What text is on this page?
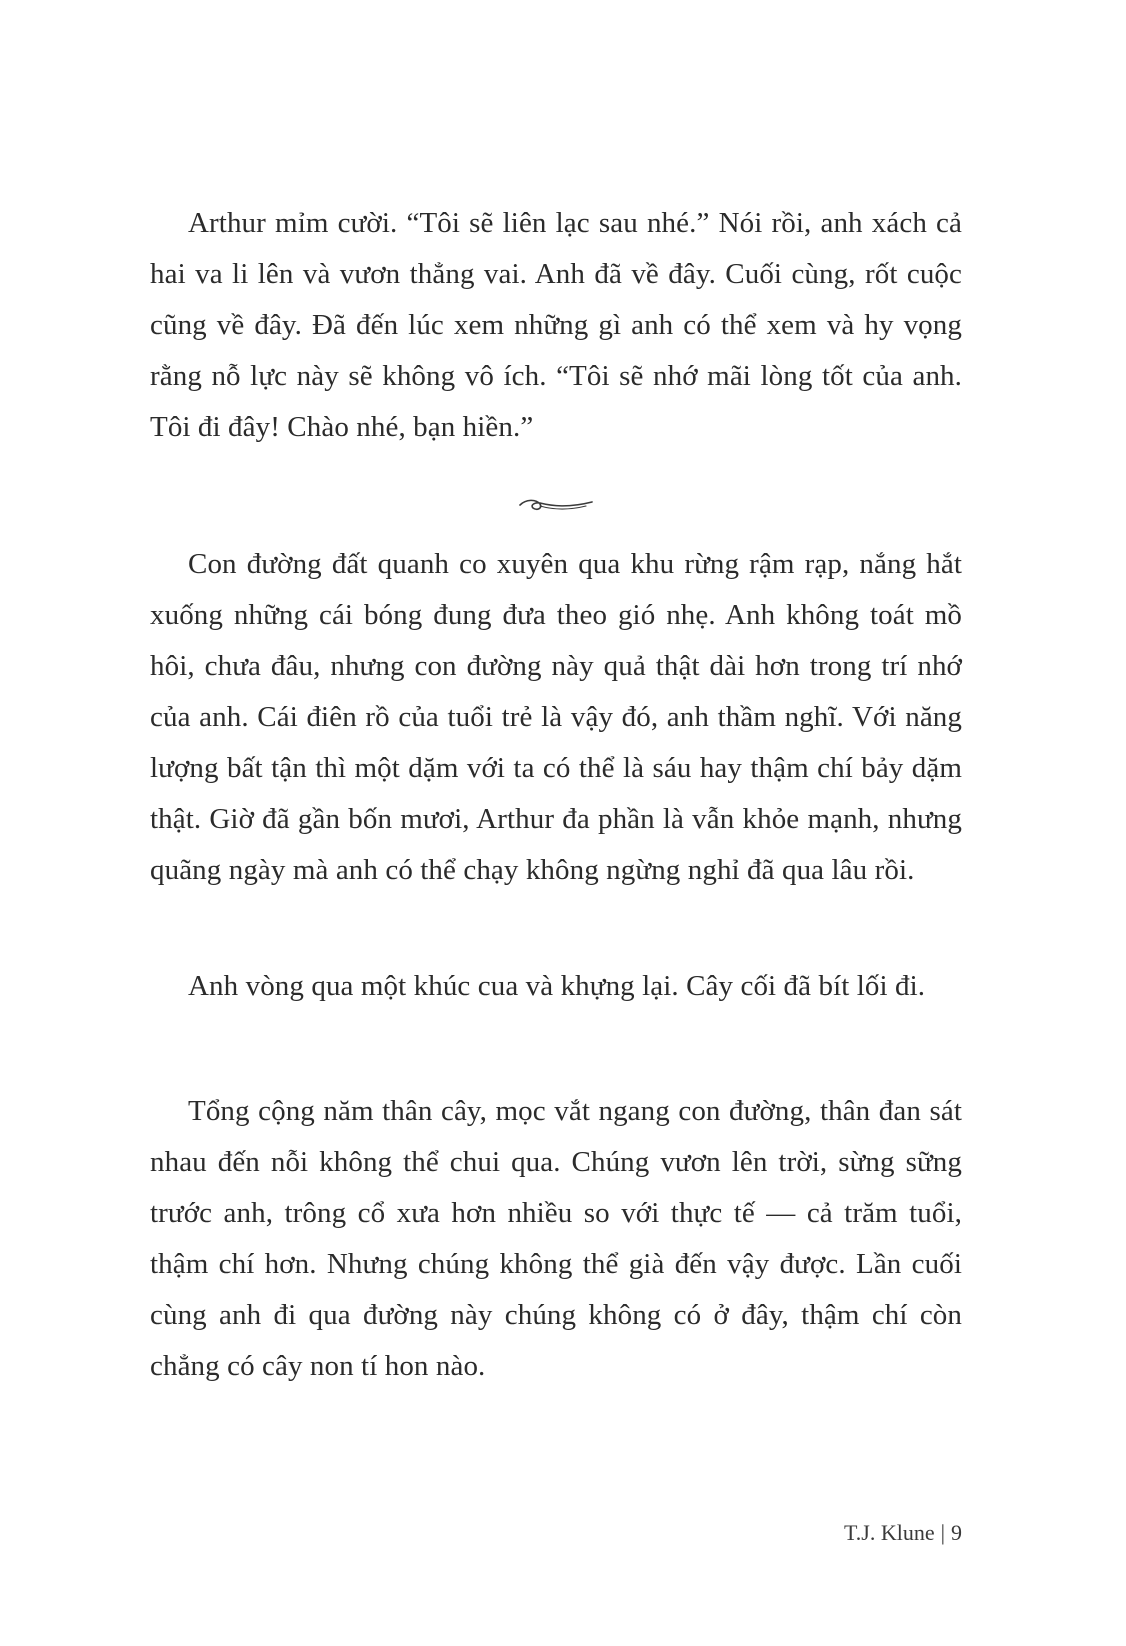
Arthur mỉm cười. “Tôi sẽ liên lạc sau nhé.” Nói rồi, anh xách cả hai va li lên và vươn thẳng vai. Anh đã về đây. Cuối cùng, rốt cuộc cũng về đây. Đã đến lúc xem những gì anh có thể xem và hy vọng rằng nỗ lực này sẽ không vô ích. “Tôi sẽ nhớ mãi lòng tốt của anh. Tôi đi đây! Chào nhé, bạn hiền.”

Con đường đất quanh co xuyên qua khu rừng rậm rạp, nắng hắt xuống những cái bóng đung đưa theo gió nhẹ. Anh không toát mồ hôi, chưa đâu, nhưng con đường này quả thật dài hơn trong trí nhớ của anh. Cái điên rồ của tuổi trẻ là vậy đó, anh thầm nghĩ. Với năng lượng bất tận thì một dặm với ta có thể là sáu hay thậm chí bảy dặm thật. Giờ đã gần bốn mươi, Arthur đa phần là vẫn khỏe mạnh, nhưng quãng ngày mà anh có thể chạy không ngừng nghỉ đã qua lâu rồi.

Anh vòng qua một khúc cua và khựng lại. Cây cối đã bít lối đi.

Tổng cộng năm thân cây, mọc vắt ngang con đường, thân đan sát nhau đến nỗi không thể chui qua. Chúng vươn lên trời, sừng sững trước anh, trông cổ xưa hơn nhiều so với thực tế — cả trăm tuổi, thậm chí hơn. Nhưng chúng không thể già đến vậy được. Lần cuối cùng anh đi qua đường này chúng không có ở đây, thậm chí còn chẳng có cây non tí hon nào.

T.J. Klune | 9
